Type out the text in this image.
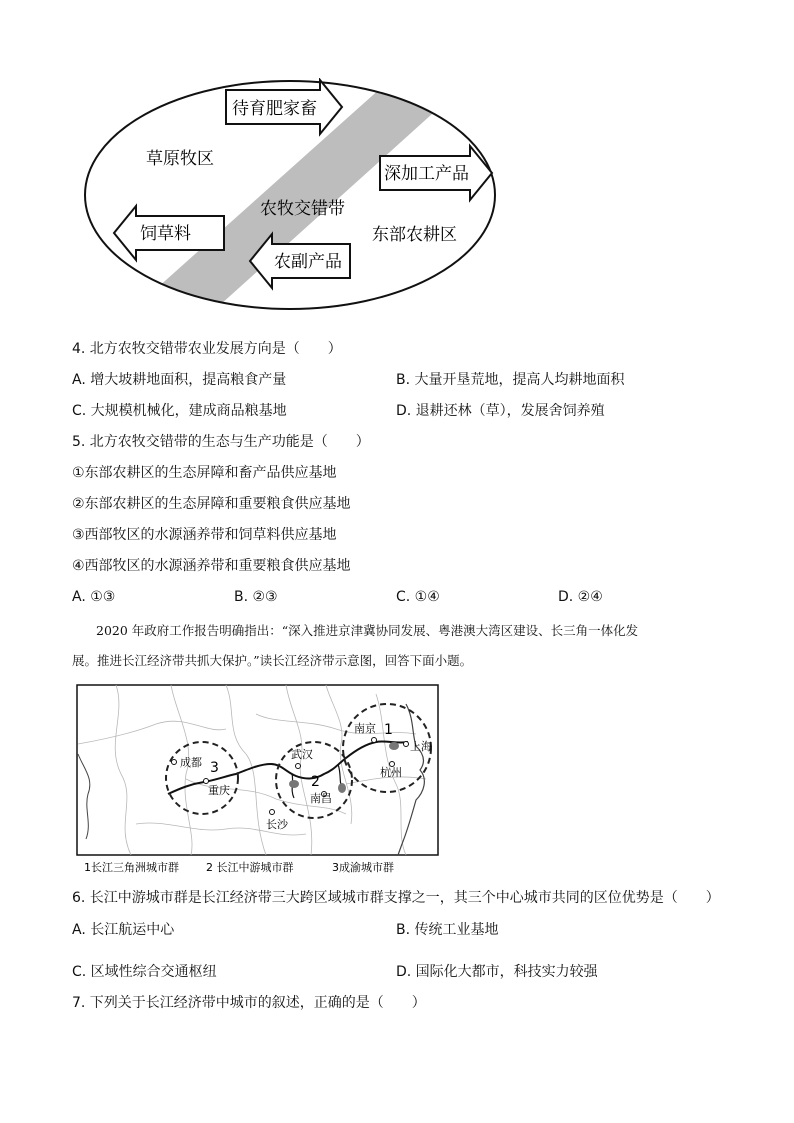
待育肥家畜
深加工产品
饲草料
农副产品
草原牧区
农牧交错带
东部农耕区
4. 北方农牧交错带农业发展方向是（　　）
A. 增大坡耕地面积，提高粮食产量	B. 大量开垦荒地，提高人均耕地面积
C. 大规模机械化，建成商品粮基地	D. 退耕还林（草），发展舍饲养殖
5. 北方农牧交错带的生态与生产功能是（　　）
①东部农耕区的生态屏障和畜产品供应基地
②东部农耕区的生态屏障和重要粮食供应基地
③西部牧区的水源涵养带和饲草料供应基地
④西部牧区的水源涵养带和重要粮食供应基地
A. ①③	B. ②③	C. ①④	D. ②④
2020 年政府工作报告明确指出：“深入推进京津冀协同发展、粤港澳大湾区建设、长三角一体化发
展。推进长江经济带共抓大保护。”读长江经济带示意图，回答下面小题。
3
2
1
成都
重庆
武汉
长沙
南昌
南京
上海
杭州
1长江三角洲城市群 2 长江中游城市群	3成渝城市群
6. 长江中游城市群是长江经济带三大跨区域城市群支撑之一，其三个中心城市共同的区位优势是（　　）
A. 长江航运中心	B. 传统工业基地
C. 区域性综合交通枢纽	D. 国际化大都市，科技实力较强
7. 下列关于长江经济带中城市的叙述，正确的是（　　）
